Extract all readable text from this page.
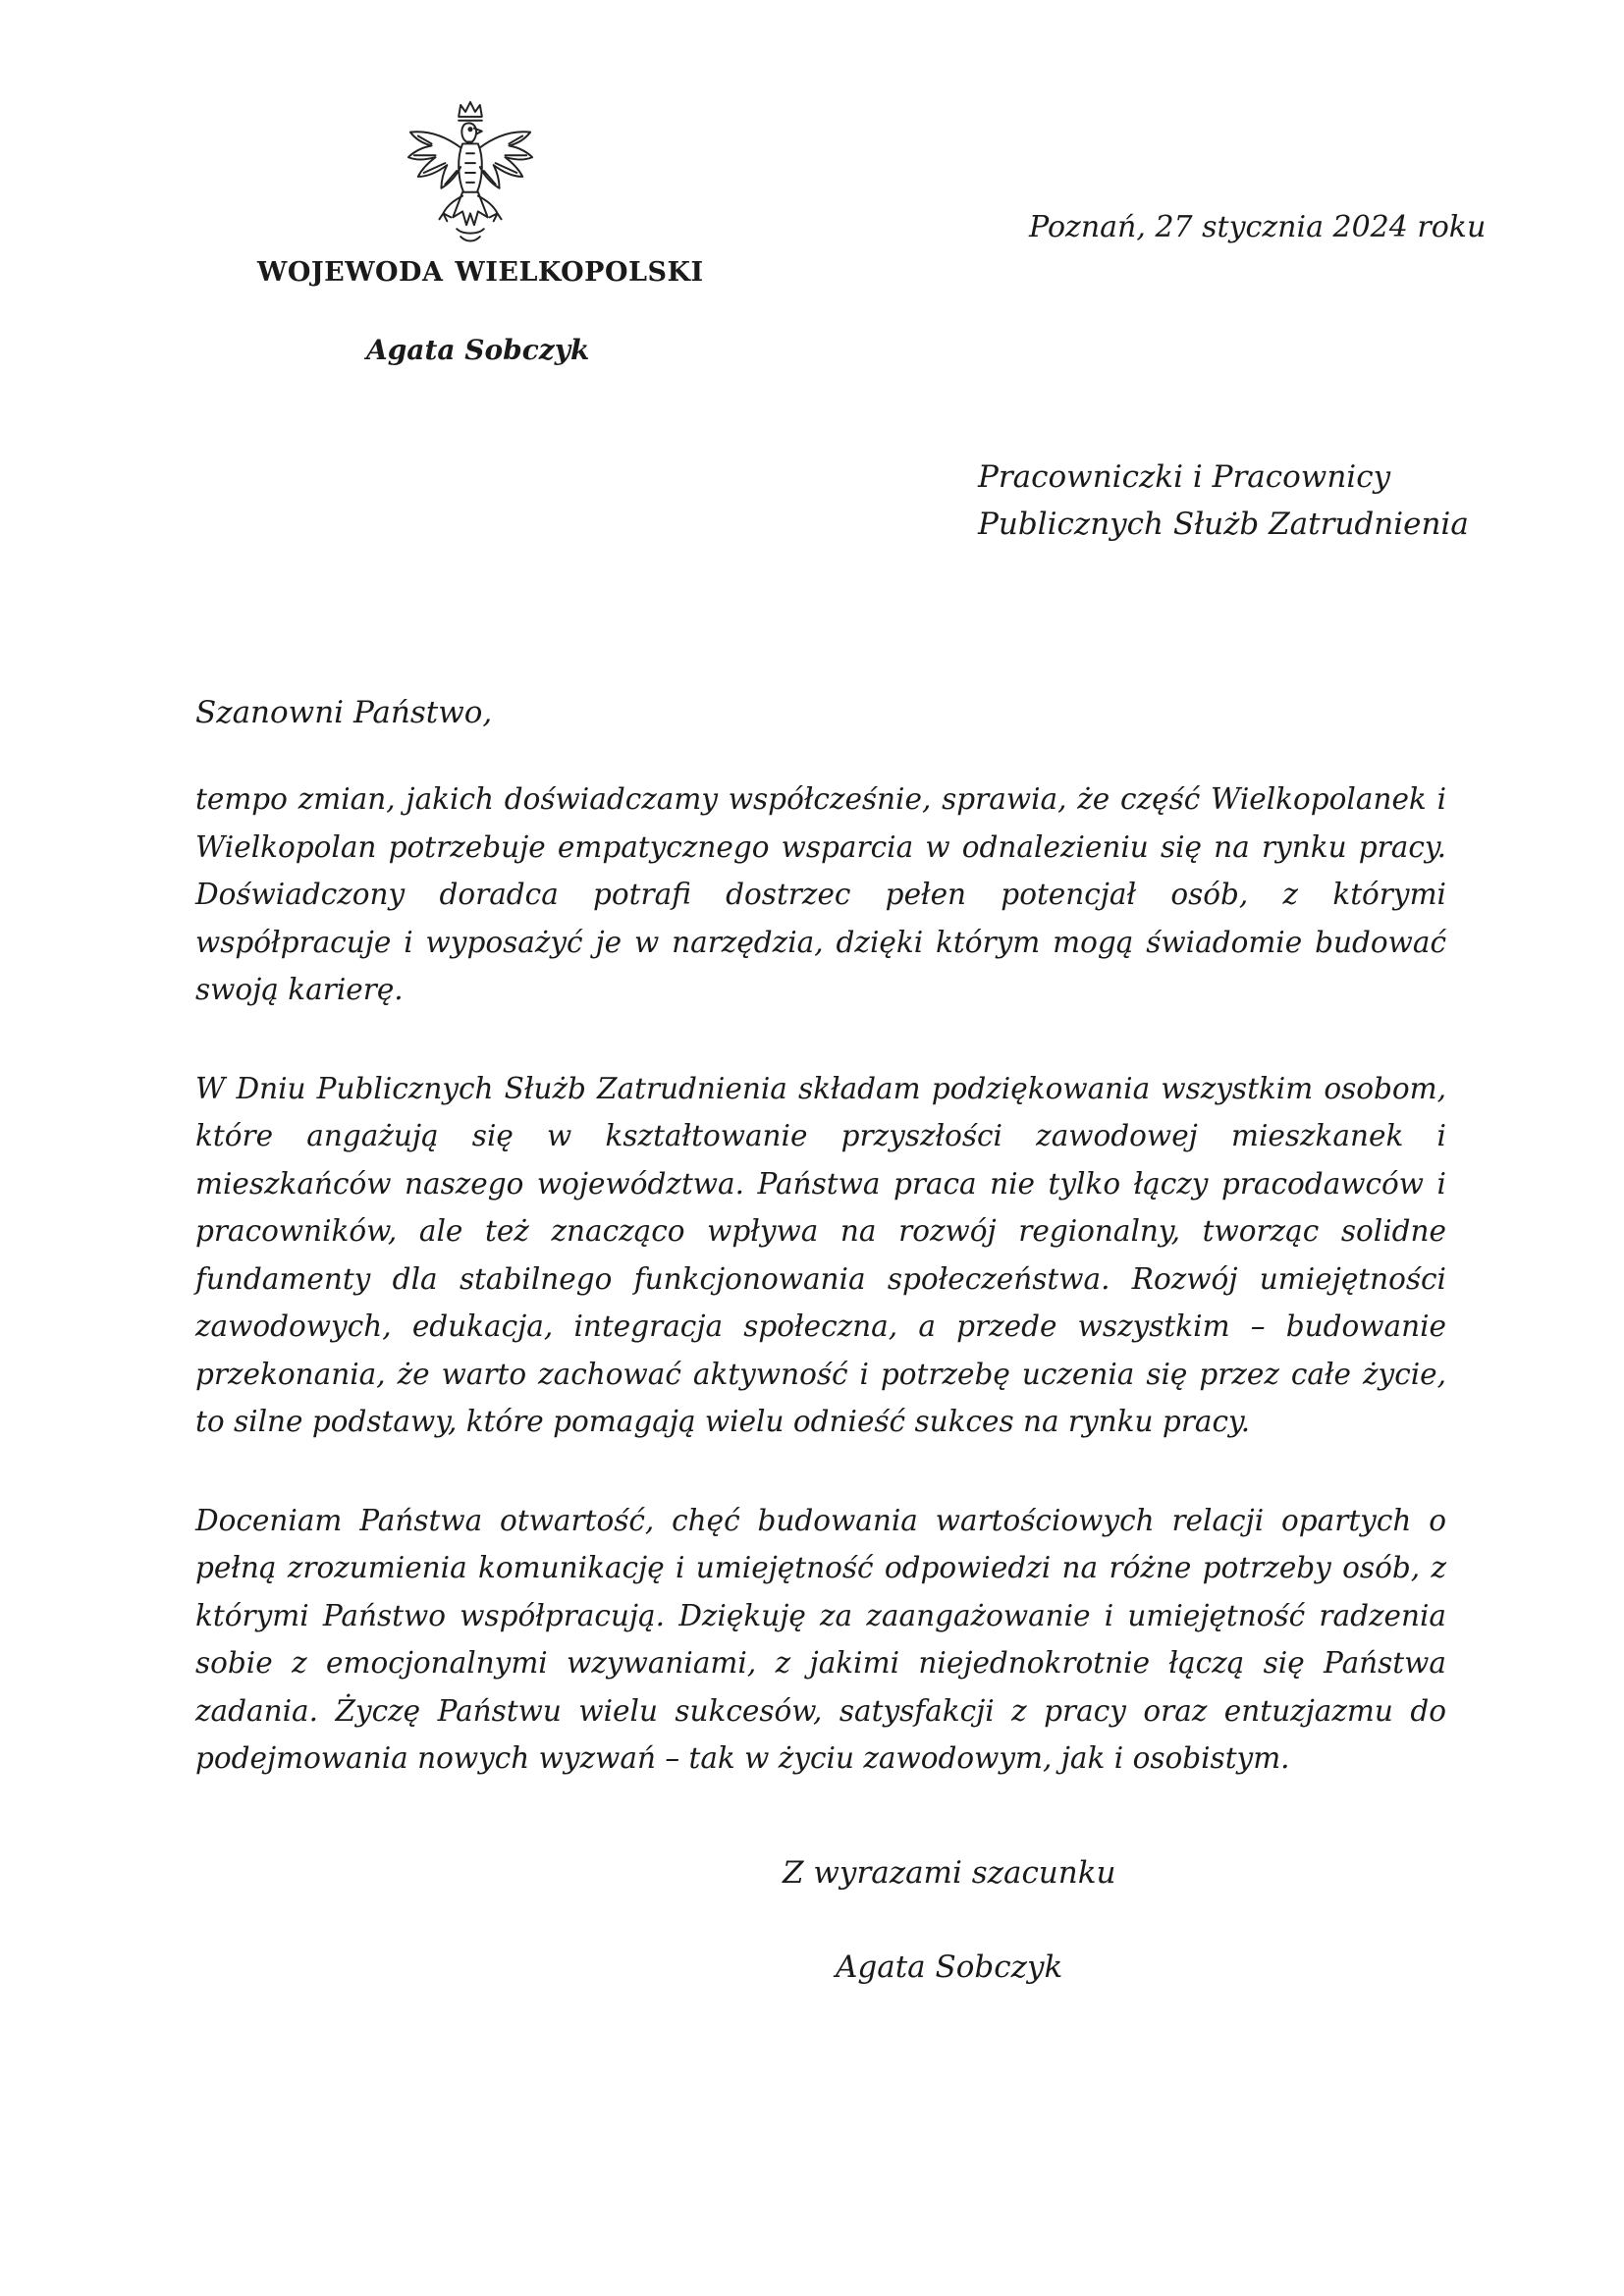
WOJEWODA WIELKOPOLSKI
Agata Sobczyk
Poznań, 27 stycznia 2024 roku
Pracowniczki i Pracownicy
Publicznych Służb Zatrudnienia
Szanowni Państwo,

tempo zmian, jakich doświadczamy współcześnie, sprawia, że część Wielkopolanek i Wielkopolan potrzebuje empatycznego wsparcia w odnalezieniu się na rynku pracy. Doświadczony doradca potrafi dostrzec pełen potencjał osób, z którymi współpracuje i wyposażyć je w narzędzia, dzięki którym mogą świadomie budować swoją karierę.

W Dniu Publicznych Służb Zatrudnienia składam podziękowania wszystkim osobom, które angażują się w kształtowanie przyszłości zawodowej mieszkanek i mieszkańców naszego województwa. Państwa praca nie tylko łączy pracodawców i pracowników, ale też znacząco wpływa na rozwój regionalny, tworząc solidne fundamenty dla stabilnego funkcjonowania społeczeństwa. Rozwój umiejętności zawodowych, edukacja, integracja społeczna, a przede wszystkim – budowanie przekonania, że warto zachować aktywność i potrzebę uczenia się przez całe życie, to silne podstawy, które pomagają wielu odnieść sukces na rynku pracy.

Doceniam Państwa otwartość, chęć budowania wartościowych relacji opartych o pełną zrozumienia komunikację i umiejętność odpowiedzi na różne potrzeby osób, z którymi Państwo współpracują. Dziękuję za zaangażowanie i umiejętność radzenia sobie z emocjonalnymi wzywaniami, z jakimi niejednokrotnie łączą się Państwa zadania. Życzę Państwu wielu sukcesów, satysfakcji z pracy oraz entuzjazmu do podejmowania nowych wyzwań – tak w życiu zawodowym, jak i osobistym.

Z wyrazami szacunku
Agata Sobczyk
